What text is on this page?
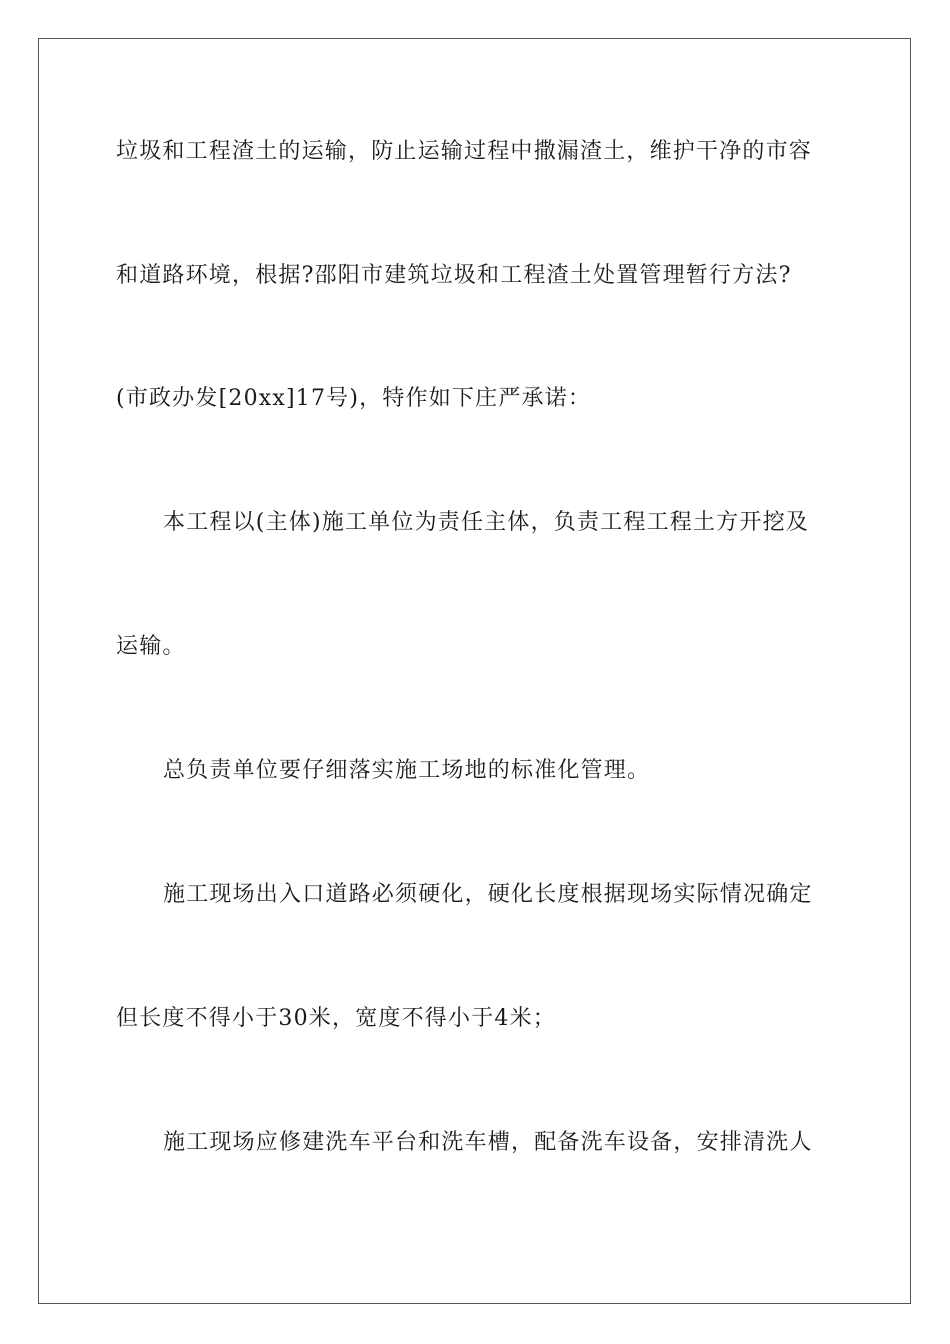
垃圾和工程渣土的运输，防止运输过程中撒漏渣土，维护干净的市容
和道路环境，根据?邵阳市建筑垃圾和工程渣土处置管理暂行方法?
(市政办发[20xx]17号)，特作如下庄严承诺：
本工程以(主体)施工单位为责任主体，负责工程工程土方开挖及
运输。
总负责单位要仔细落实施工场地的标准化管理。
施工现场出入口道路必须硬化，硬化长度根据现场实际情况确定
但长度不得小于30米，宽度不得小于4米；
施工现场应修建洗车平台和洗车槽，配备洗车设备，安排清洗人
